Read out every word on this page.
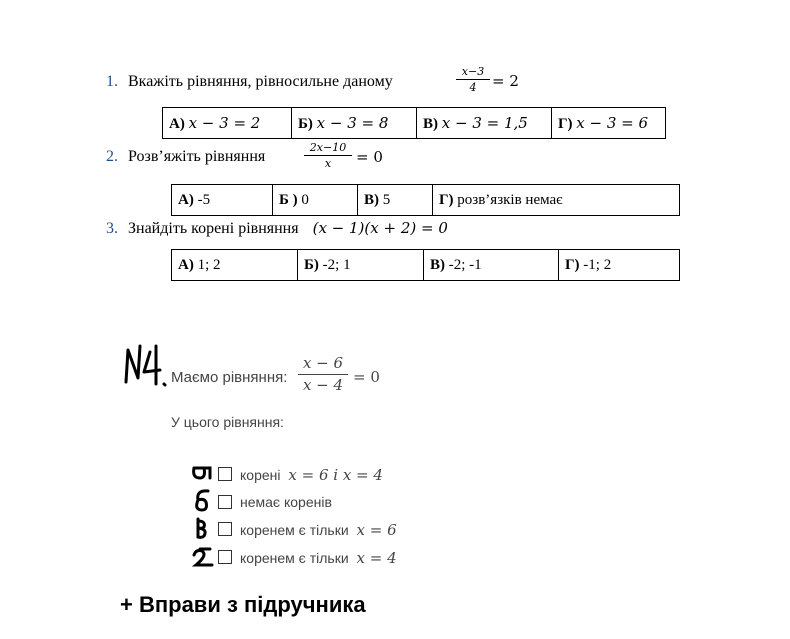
1. Вкажіть рівняння, рівносильне даному
x−3
4	= 2
А) x − 3 = 2	Б) x − 3 = 8	В) x − 3 = 1,5	Г) x − 3 = 6
2. Розв’яжіть рівняння
2x−10
x	= 0
А) -5	Б ) 0	В) 5	Г) розв’язків немає
3. Знайдіть корені рівняння (x − 1)(x + 2) = 0
А) 1; 2	Б) -2; 1	В) -2; -1	Г) -1; 2
Маємо рівняння:
x − 6
x − 4 = 0
У цього рівняння:
корені x = 6 і x = 4
немає коренів
коренем є тільки x = 6
коренем є тільки x = 4
+ Вправи з підручника
